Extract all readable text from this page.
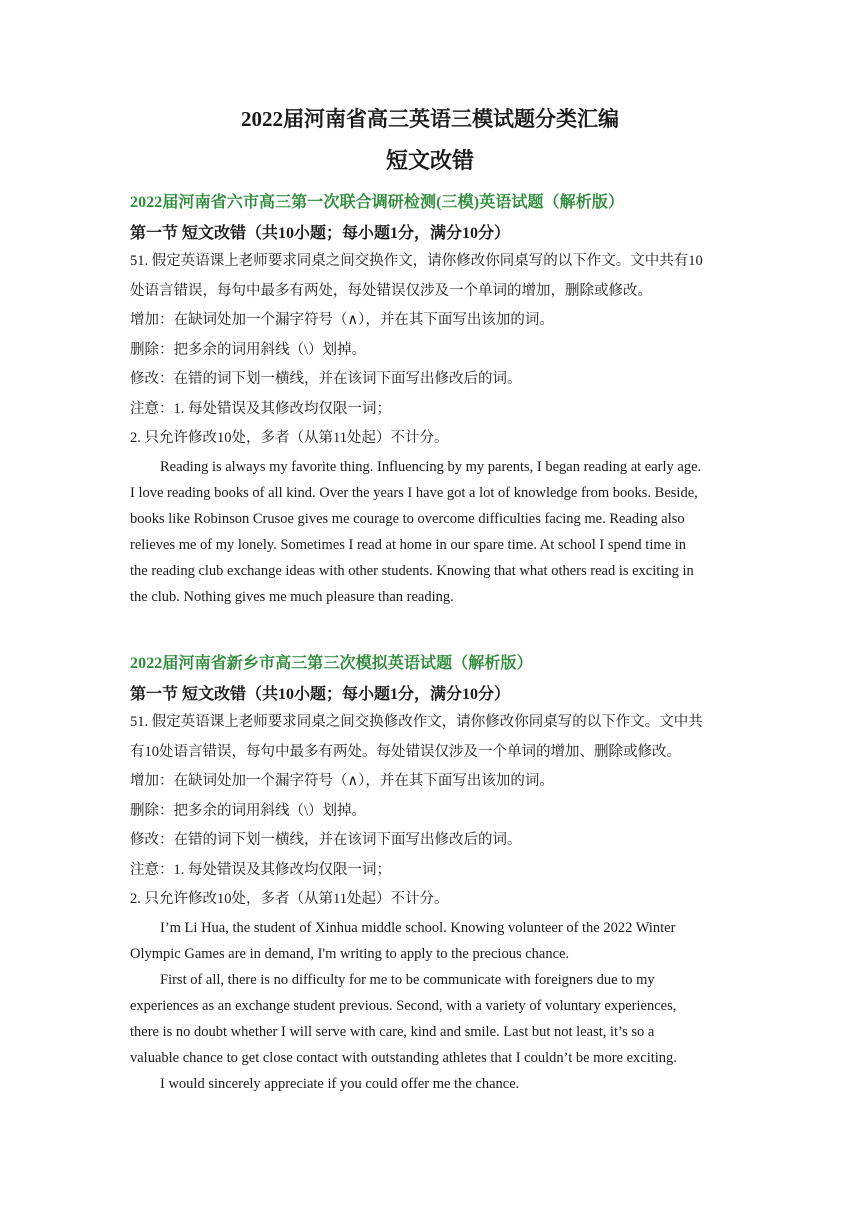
2022届河南省高三英语三模试题分类汇编
短文改错
2022届河南省六市高三第一次联合调研检测(三模)英语试题（解析版）
第一节 短文改错（共10小题；每小题1分，满分10分）
51. 假定英语课上老师要求同桌之间交换作文，请你修改你同桌写的以下作文。文中共有10
处语言错误，每句中最多有两处，每处错误仅涉及一个单词的增加，删除或修改。
增加：在缺词处加一个漏字符号（∧），并在其下面写出该加的词。
删除：把多余的词用斜线（\）划掉。
修改：在错的词下划一横线，并在该词下面写出修改后的词。
注意：1. 每处错误及其修改均仅限一词；
2. 只允许修改10处，多者（从第11处起）不计分。
Reading is always my favorite thing. Influencing by my parents, I began reading at early age.
I love reading books of all kind. Over the years I have got a lot of knowledge from books. Beside,
books like Robinson Crusoe gives me courage to overcome difficulties facing me. Reading also
relieves me of my lonely. Sometimes I read at home in our spare time. At school I spend time in
the reading club exchange ideas with other students. Knowing that what others read is exciting in
the club. Nothing gives me much pleasure than reading.
2022届河南省新乡市高三第三次模拟英语试题（解析版）
第一节 短文改错（共10小题；每小题1分，满分10分）
51. 假定英语课上老师要求同桌之间交换修改作文，请你修改你同桌写的以下作文。文中共
有10处语言错误，每句中最多有两处。每处错误仅涉及一个单词的增加、删除或修改。
增加：在缺词处加一个漏字符号（∧），并在其下面写出该加的词。
删除：把多余的词用斜线（\）划掉。
修改：在错的词下划一横线，并在该词下面写出修改后的词。
注意：1. 每处错误及其修改均仅限一词；
2. 只允许修改10处，多者（从第11处起）不计分。
I’m Li Hua, the student of Xinhua middle school. Knowing volunteer of the 2022 Winter
Olympic Games are in demand, I'm writing to apply to the precious chance.
First of all, there is no difficulty for me to be communicate with foreigners due to my
experiences as an exchange student previous. Second, with a variety of voluntary experiences,
there is no doubt whether I will serve with care, kind and smile. Last but not least, it’s so a
valuable chance to get close contact with outstanding athletes that I couldn’t be more exciting.
I would sincerely appreciate if you could offer me the chance.
